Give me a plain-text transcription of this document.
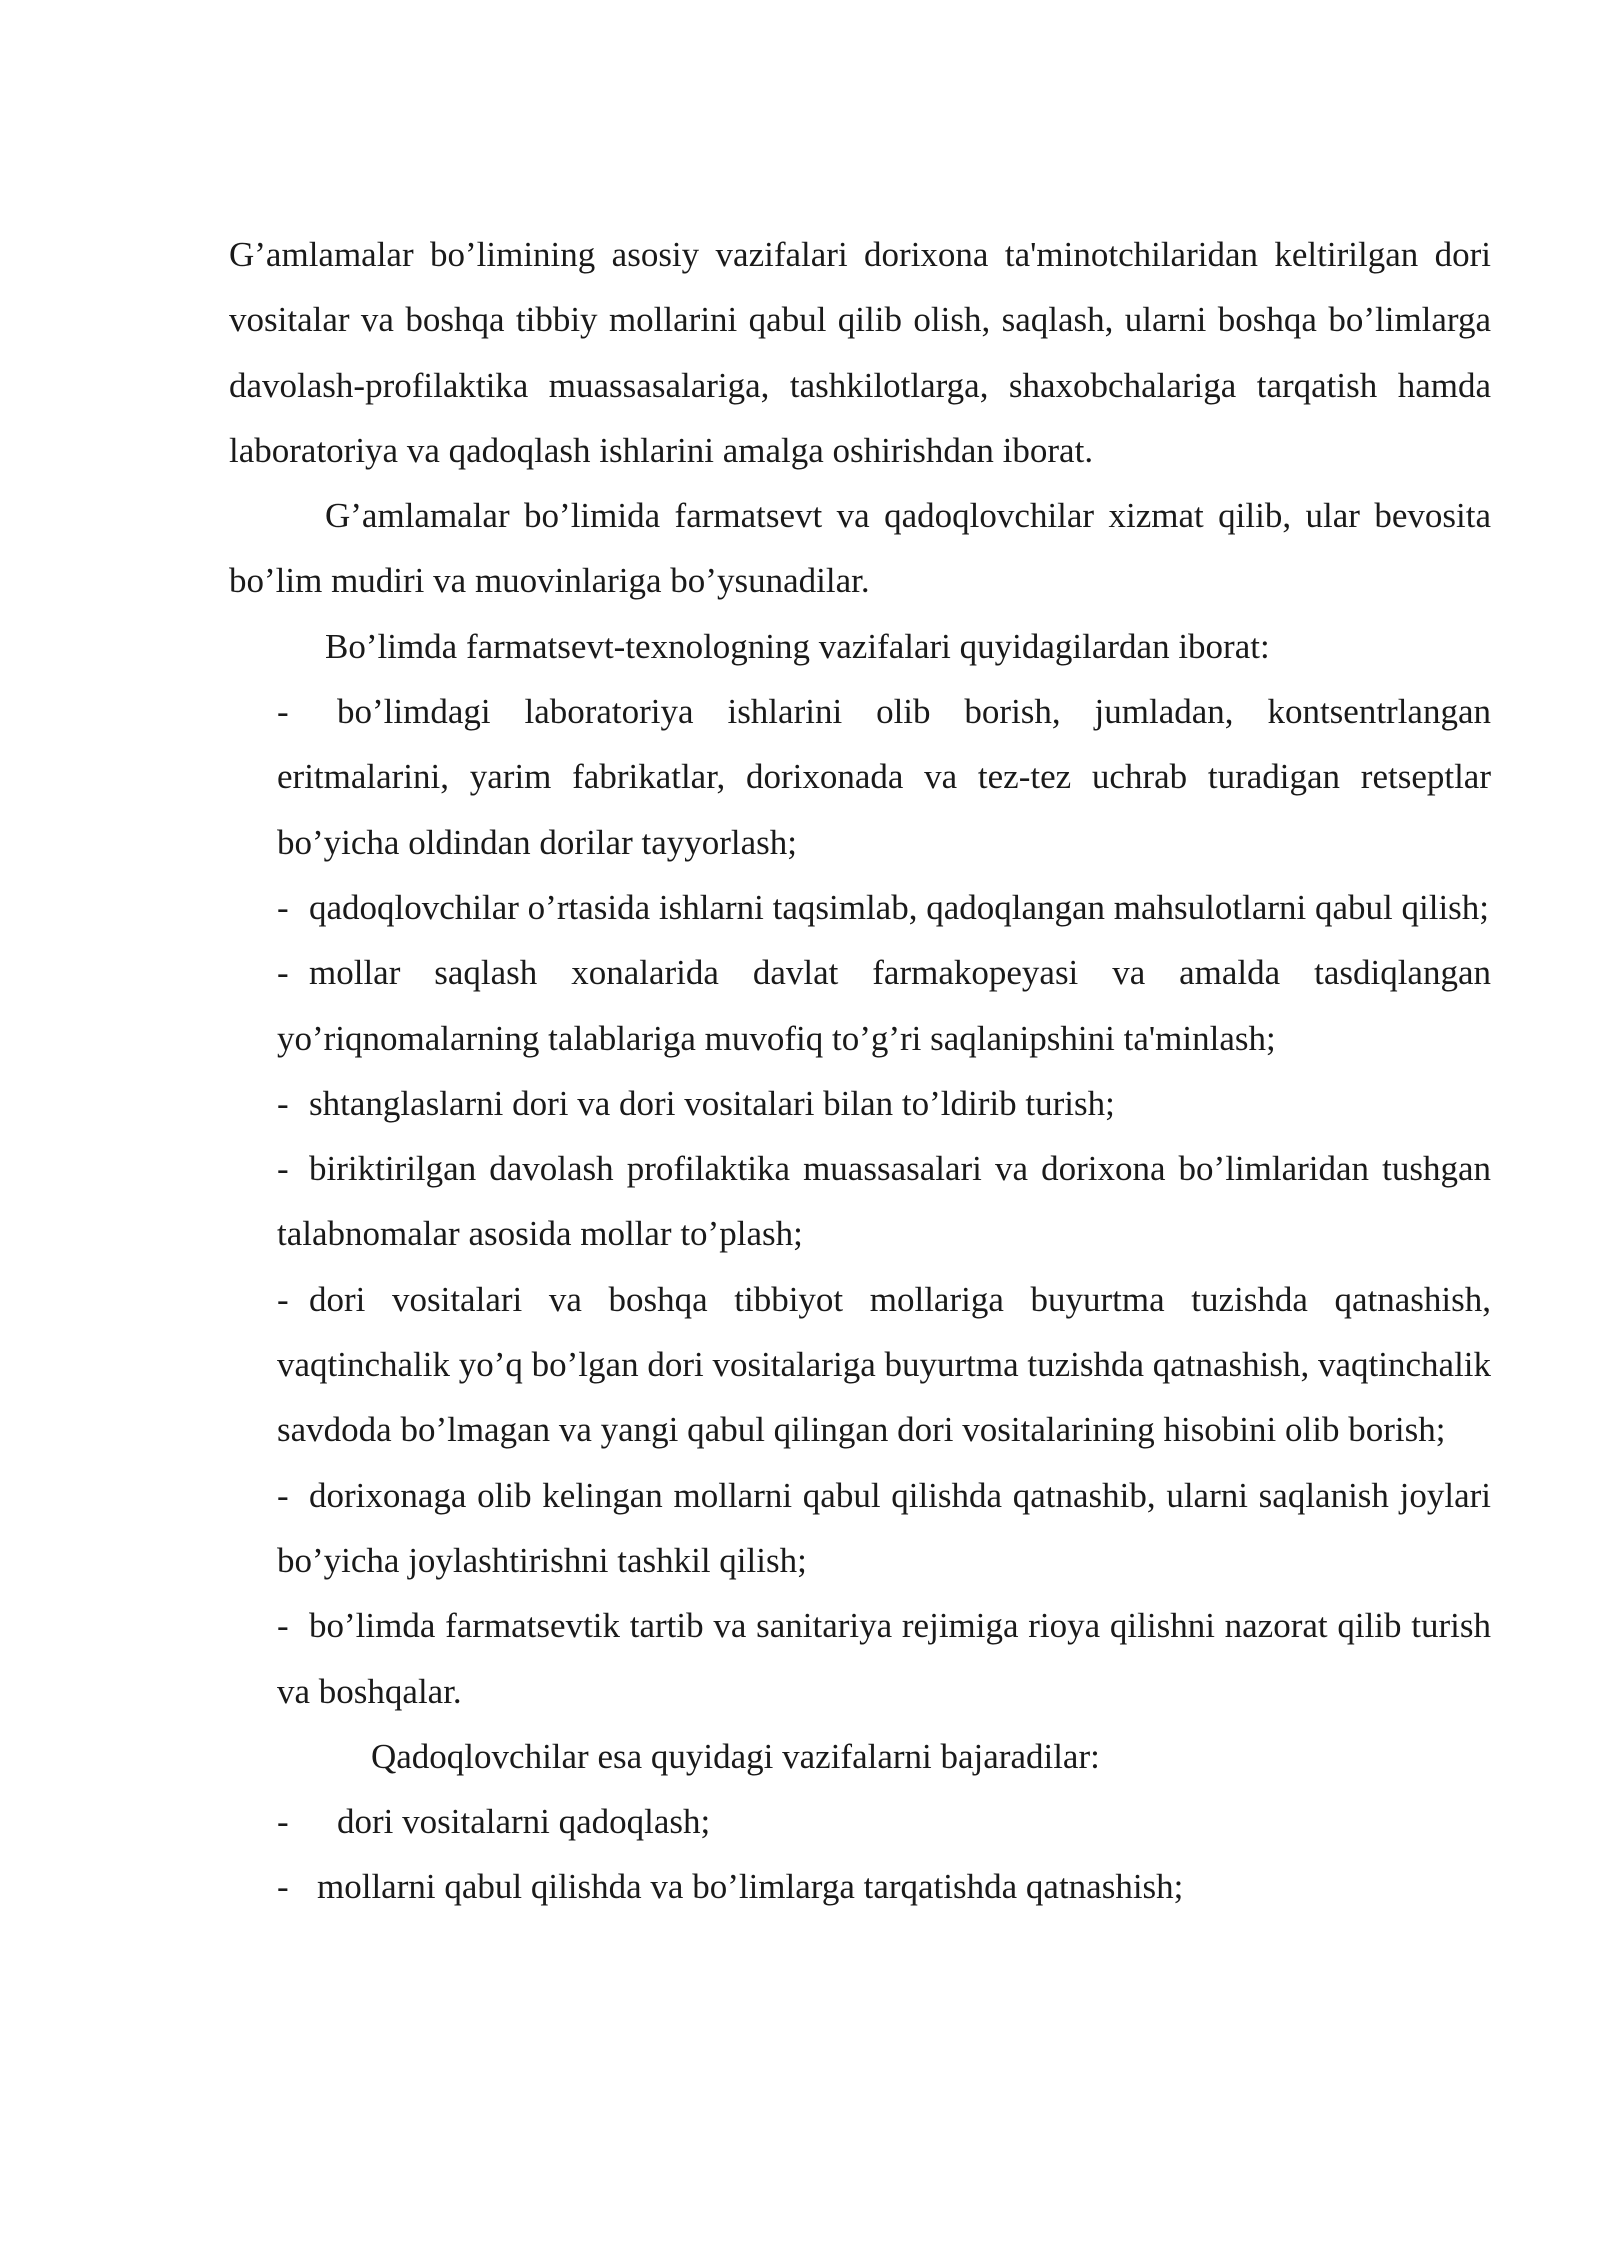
G’amlamalar bo’limining asosiy vazifalari dorixona ta'minotchilaridan keltirilgan dori vositalar va boshqa tibbiy mollarini qabul qilib olish, saqlash, ularni boshqa bo’limlarga davolash-profilaktika muassasalariga, tashkilotlarga, shaxobchalariga tarqatish hamda laboratoriya va qadoqlash ishlarini amalga oshirishdan iborat.

G’amlamalar bo’limida farmatsevt va qadoqlovchilar xizmat qilib, ular bevosita bo’lim mudiri va muovinlariga bo’ysunadilar.

Bo’limda farmatsevt-texnologning vazifalari quyidagilardan iborat:

-	bo’limdagi laboratoriya ishlarini olib borish, jumladan, kontsentrlangan eritmalarini, yarim fabrikatlar, dorixonada va tez-tez uchrab turadigan retseptlar bo’yicha oldindan dorilar tayyorlash;
- qadoqlovchilar o’rtasida ishlarni taqsimlab, qadoqlangan mahsulotlarni qabul qilish;
- mollar saqlash xonalarida davlat farmakopeyasi va amalda tasdiqlangan yo’riqnomalarning talablariga muvofiq to’g’ri saqlanipshini ta'minlash;
- shtanglaslarni dori va dori vositalari bilan to’ldirib turish;
- biriktirilgan davolash profilaktika muassasalari va dorixona bo’limlaridan tushgan talabnomalar asosida mollar to’plash;
- dori vositalari va boshqa tibbiyot mollariga buyurtma tuzishda qatnashish, vaqtinchalik yo’q bo’lgan dori vositalariga buyurtma tuzishda qatnashish, vaqtinchalik savdoda bo’lmagan va yangi qabul qilingan dori vositalarining hisobini olib borish;
- dorixonaga olib kelingan mollarni qabul qilishda qatnashib, ularni saqlanish joylari bo’yicha joylashtirishni tashkil qilish;
- bo’limda farmatsevtik tartib va sanitariya rejimiga rioya qilishni nazorat qilib turish va boshqalar.

Qadoqlovchilar esa quyidagi vazifalarni bajaradilar:

-	dori vositalarni qadoqlash;
- mollarni qabul qilishda va bo’limlarga tarqatishda qatnashish;
